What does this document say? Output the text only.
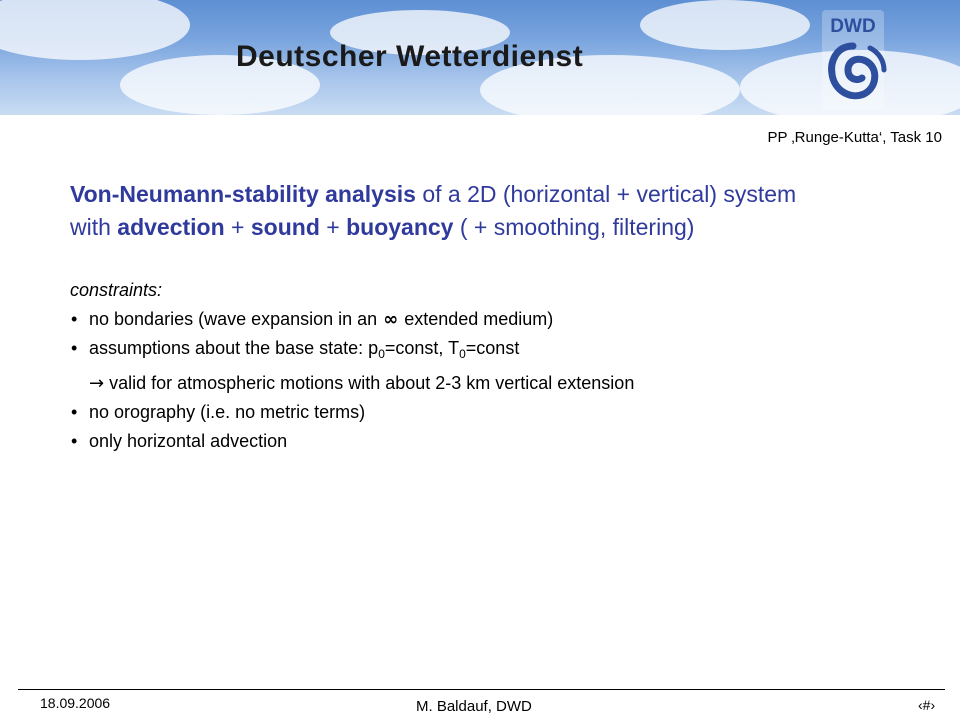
Deutscher Wetterdienst
DWD
PP ‚Runge-Kutta‘, Task 10

Von-Neumann-stability analysis of a 2D (horizontal + vertical) system
with advection + sound + buoyancy ( + smoothing, filtering)

constraints:
• no bondaries (wave expansion in an ∞ extended medium)
• assumptions about the base state: $p_0=const$, $T_0=const$
→ valid for atmospheric motions with about 2-3 km vertical extension
• no orography (i.e. no metric terms)
• only horizontal advection
18.09.2006	M. Baldauf, DWD	‹#›
